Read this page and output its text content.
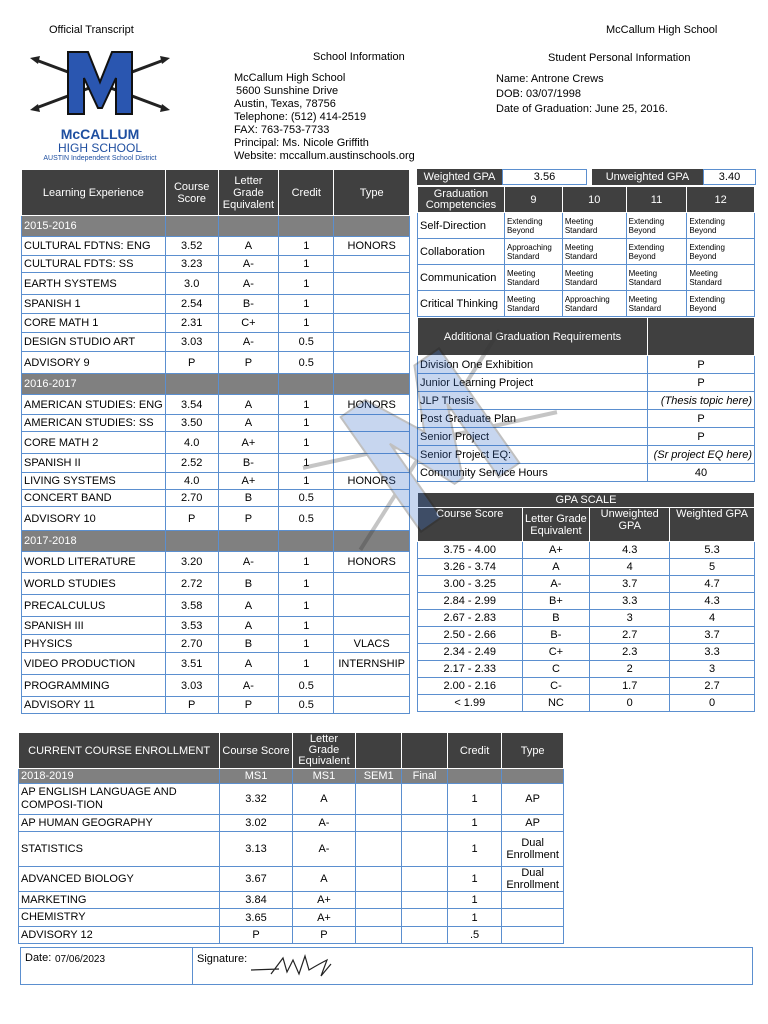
Official Transcript	McCallum High School
McCALLUM
HIGH SCHOOL
AUSTIN Independent School District
School Information	Student Personal Information
McCallum High School
5600 Sunshine Drive
Austin, Texas, 78756
Telephone: (512) 414-2519
FAX: 763-753-7733
Principal: Ms. Nicole Griffith
Website: mccallum.austinschools.org
Name: Antrone Crews
DOB: 03/07/1998
Date of Graduation: June 25, 2016.
Learning Experience	Course Score	Letter Grade Equivalent	Credit	Type
2015-2016				
CULTURAL FDTNS: ENG	3.52	A	1	HONORS
CULTURAL FDTS: SS	3.23	A-	1	
EARTH SYSTEMS	3.0	A-	1	
SPANISH 1	2.54	B-	1	
CORE MATH 1	2.31	C+	1	
DESIGN STUDIO ART	3.03	A-	0.5	
ADVISORY 9	P	P	0.5	
2016-2017				
AMERICAN STUDIES: ENG	3.54	A	1	HONORS
AMERICAN STUDIES: SS	3.50	A	1	
CORE MATH 2	4.0	A+	1	
SPANISH II	2.52	B-	1	
LIVING SYSTEMS	4.0	A+	1	HONORS
CONCERT BAND	2.70	B	0.5	
ADVISORY 10	P	P	0.5	
2017-2018				
WORLD LITERATURE	3.20	A-	1	HONORS
WORLD STUDIES	2.72	B	1	
PRECALCULUS	3.58	A	1	
SPANISH III	3.53	A	1	
PHYSICS	2.70	B	1	VLACS
VIDEO PRODUCTION	3.51	A	1	INTERNSHIP
PROGRAMMING	3.03	A-	0.5	
ADVISORY 11	P	P	0.5	
Weighted GPA	3.56	Unweighted GPA	3.40
Graduation Competencies	9	10	11	12
Self-Direction	Extending Beyond	Meeting Standard	Extending Beyond	Extending Beyond
Collaboration	Approaching Standard	Meeting Standard	Extending Beyond	Extending Beyond
Communication	Meeting Standard	Meeting Standard	Meeting Standard	Meeting Standard
Critical Thinking	Meeting Standard	Approaching Standard	Meeting Standard	Extending Beyond
Additional Graduation Requirements	
Division One Exhibition	P
Junior Learning Project	P
JLP Thesis	(Thesis topic here)
Post Graduate Plan	P
Senior Project	P
Senior Project EQ:	(Sr project EQ here)
Community Service Hours	40
GPA SCALE			
Course Score	Letter Grade Equivalent	Unweighted GPA	Weighted GPA
3.75 - 4.00	A+	4.3	5.3
3.26 - 3.74	A	4	5
3.00 - 3.25	A-	3.7	4.7
2.84 - 2.99	B+	3.3	4.3
2.67 - 2.83	B	3	4
2.50 - 2.66	B-	2.7	3.7
2.34 - 2.49	C+	2.3	3.3
2.17 - 2.33	C	2	3
2.00 - 2.16	C-	1.7	2.7
< 1.99	NC	0	0
CURRENT COURSE ENROLLMENT	Course Score	Letter Grade Equivalent			Credit	Type
2018-2019	MS1	MS1	SEM1	Final		
AP ENGLISH LANGUAGE AND COMPOSI-TION	3.32	A			1	AP
AP HUMAN GEOGRAPHY	3.02	A-			1	AP
STATISTICS	3.13	A-			1	Dual Enrollment
ADVANCED BIOLOGY	3.67	A			1	Dual Enrollment
MARKETING	3.84	A+			1	
CHEMISTRY	3.65	A+			1	
ADVISORY 12	P	P			.5	
Date: 07/06/2023	Signature:
